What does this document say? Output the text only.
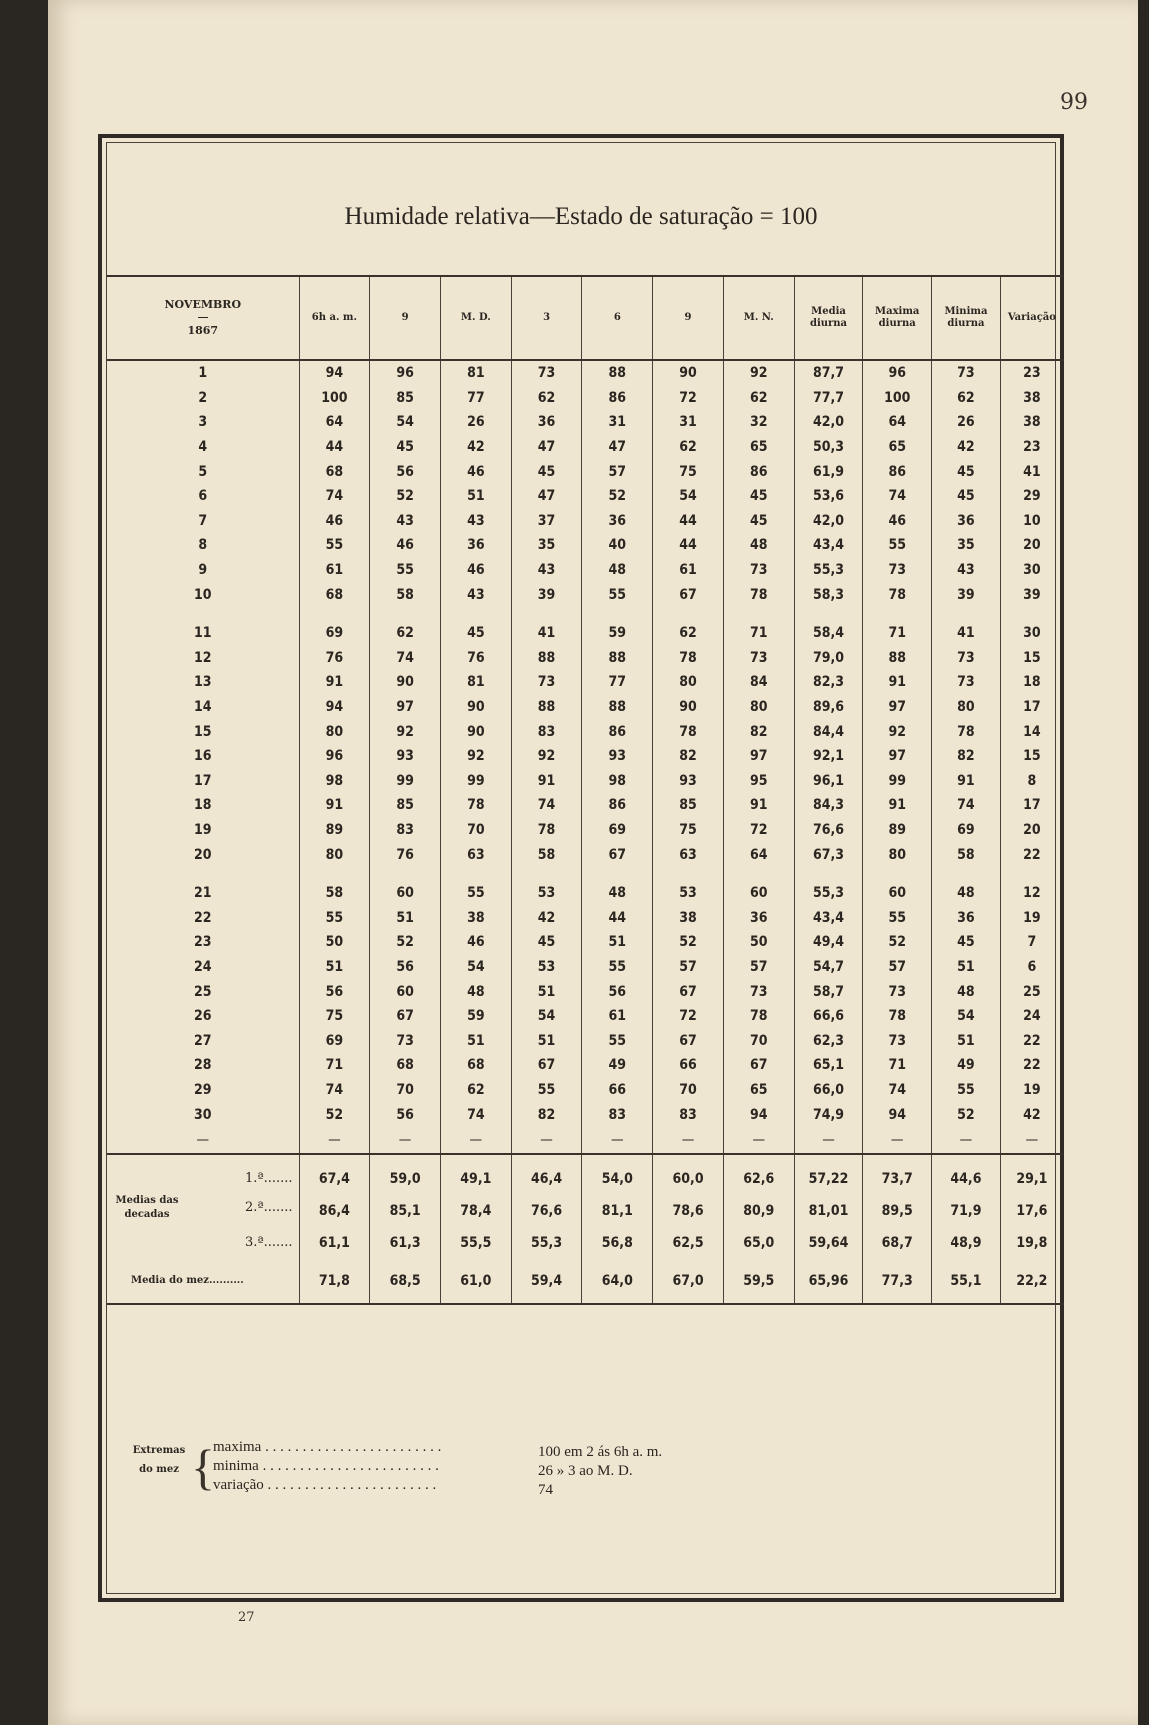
99
Humidade relativa—Estado de saturação = 100
NOVEMBRO
1867	6h a. m.	9	M. D.	3	6	9	M. N.	Media diurna	Maxima diurna	Minima diurna	Variação
1	94	96	81	73	88	90	92	87,7	96	73	23
2	100	85	77	62	86	72	62	77,7	100	62	38
3	64	54	26	36	31	31	32	42,0	64	26	38
4	44	45	42	47	47	62	65	50,3	65	42	23
5	68	56	46	45	57	75	86	61,9	86	45	41
6	74	52	51	47	52	54	45	53,6	74	45	29
7	46	43	43	37	36	44	45	42,0	46	36	10
8	55	46	36	35	40	44	48	43,4	55	35	20
9	61	55	46	43	48	61	73	55,3	73	43	30
10	68	58	43	39	55	67	78	58,3	78	39	39

11	69	62	45	41	59	62	71	58,4	71	41	30
12	76	74	76	88	88	78	73	79,0	88	73	15
13	91	90	81	73	77	80	84	82,3	91	73	18
14	94	97	90	88	88	90	80	89,6	97	80	17
15	80	92	90	83	86	78	82	84,4	92	78	14
16	96	93	92	92	93	82	97	92,1	97	82	15
17	98	99	99	91	98	93	95	96,1	99	91	8
18	91	85	78	74	86	85	91	84,3	91	74	17
19	89	83	70	78	69	75	72	76,6	89	69	20
20	80	76	63	58	67	63	64	67,3	80	58	22

21	58	60	55	53	48	53	60	55,3	60	48	12
22	55	51	38	42	44	38	36	43,4	55	36	19
23	50	52	46	45	51	52	50	49,4	52	45	7
24	51	56	54	53	55	57	57	54,7	57	51	6
25	56	60	48	51	56	67	73	58,7	73	48	25
26	75	67	59	54	61	72	78	66,6	78	54	24
27	69	73	51	51	55	67	70	62,3	73	51	22
28	71	68	68	67	49	66	67	65,1	71	49	22
29	74	70	62	55	66	70	65	66,0	74	55	19
30	52	56	74	82	83	83	94	74,9	94	52	42
—	—	—	—	—	—	—	—	—	—	—	—

1.ª.......	67,4	59,0	49,1	46,4	54,0	60,0	62,6	57,22	73,7	44,6	29,1

Medias das decadas 2.ª.......	86,4	85,1	78,4	76,6	81,1	78,6	80,9	81,01	89,5	71,9	17,6
3.ª.......	61,1	61,3	55,5	55,3	56,8	62,5	65,0	59,64	68,7	48,9	19,8
Media do mez..........	71,8	68,5	61,0	59,4	64,0	67,0	59,5	65,96	77,3	55,1	22,2

Extremas do mez {
maxima . . . . . . . . . . . . . . . . . . . . . . . .	100 em 2 ás 6h a. m.
minima . . . . . . . . . . . . . . . . . . . . . . . .	26 » 3 ao M. D.
variação . . . . . . . . . . . . . . . . . . . . . . .	74
27
